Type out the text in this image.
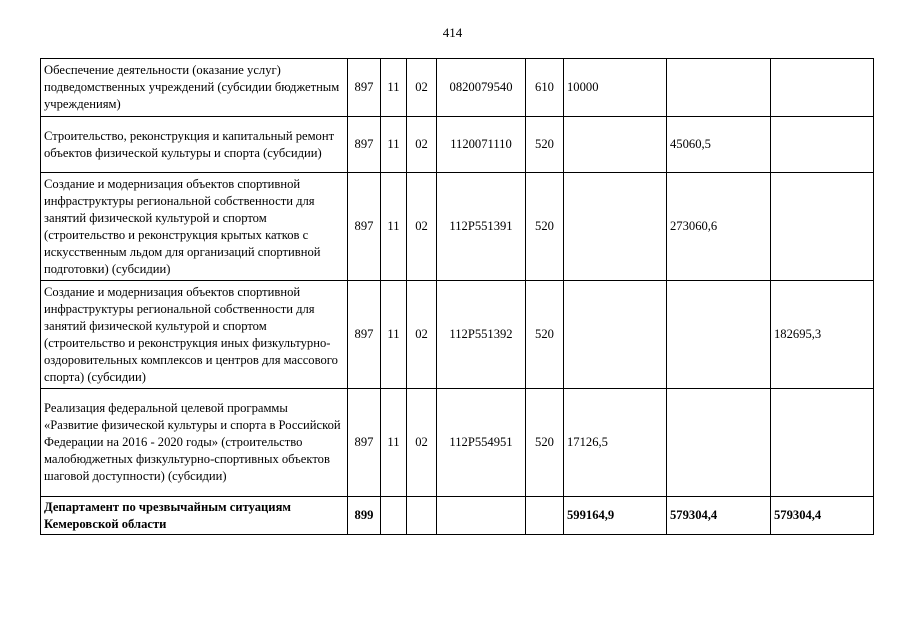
414
Обеспечение деятельности (оказание услуг) подведомственных учреждений (субсидии бюджетным учреждениям)	897	11	02	0820079540	610	10000		
Строительство, реконструкция и капитальный ремонт объектов физической культуры и спорта (субсидии)	897	11	02	1120071110	520		45060,5	
Создание и модернизация объектов спортивной инфраструктуры региональной собственности для занятий физической культурой и спортом (строительство и реконструкция крытых катков с искусственным льдом для организаций спортивной подготовки) (субсидии)	897	11	02	112P551391	520		273060,6	
Создание и модернизация объектов спортивной инфраструктуры региональной собственности для занятий физической культурой и спортом (строительство и реконструкция иных физкультурно-оздоровительных комплексов и центров для массового спорта) (субсидии)	897	11	02	112P551392	520			182695,3
Реализация федеральной целевой программы «Развитие физической культуры и спорта в Российской Федерации на 2016 - 2020 годы» (строительство малобюджетных физкультурно-спортивных объектов шаговой доступности) (субсидии)	897	11	02	112P554951	520	17126,5		
Департамент по чрезвычайным ситуациям Кемеровской области	899					599164,9	579304,4	579304,4
